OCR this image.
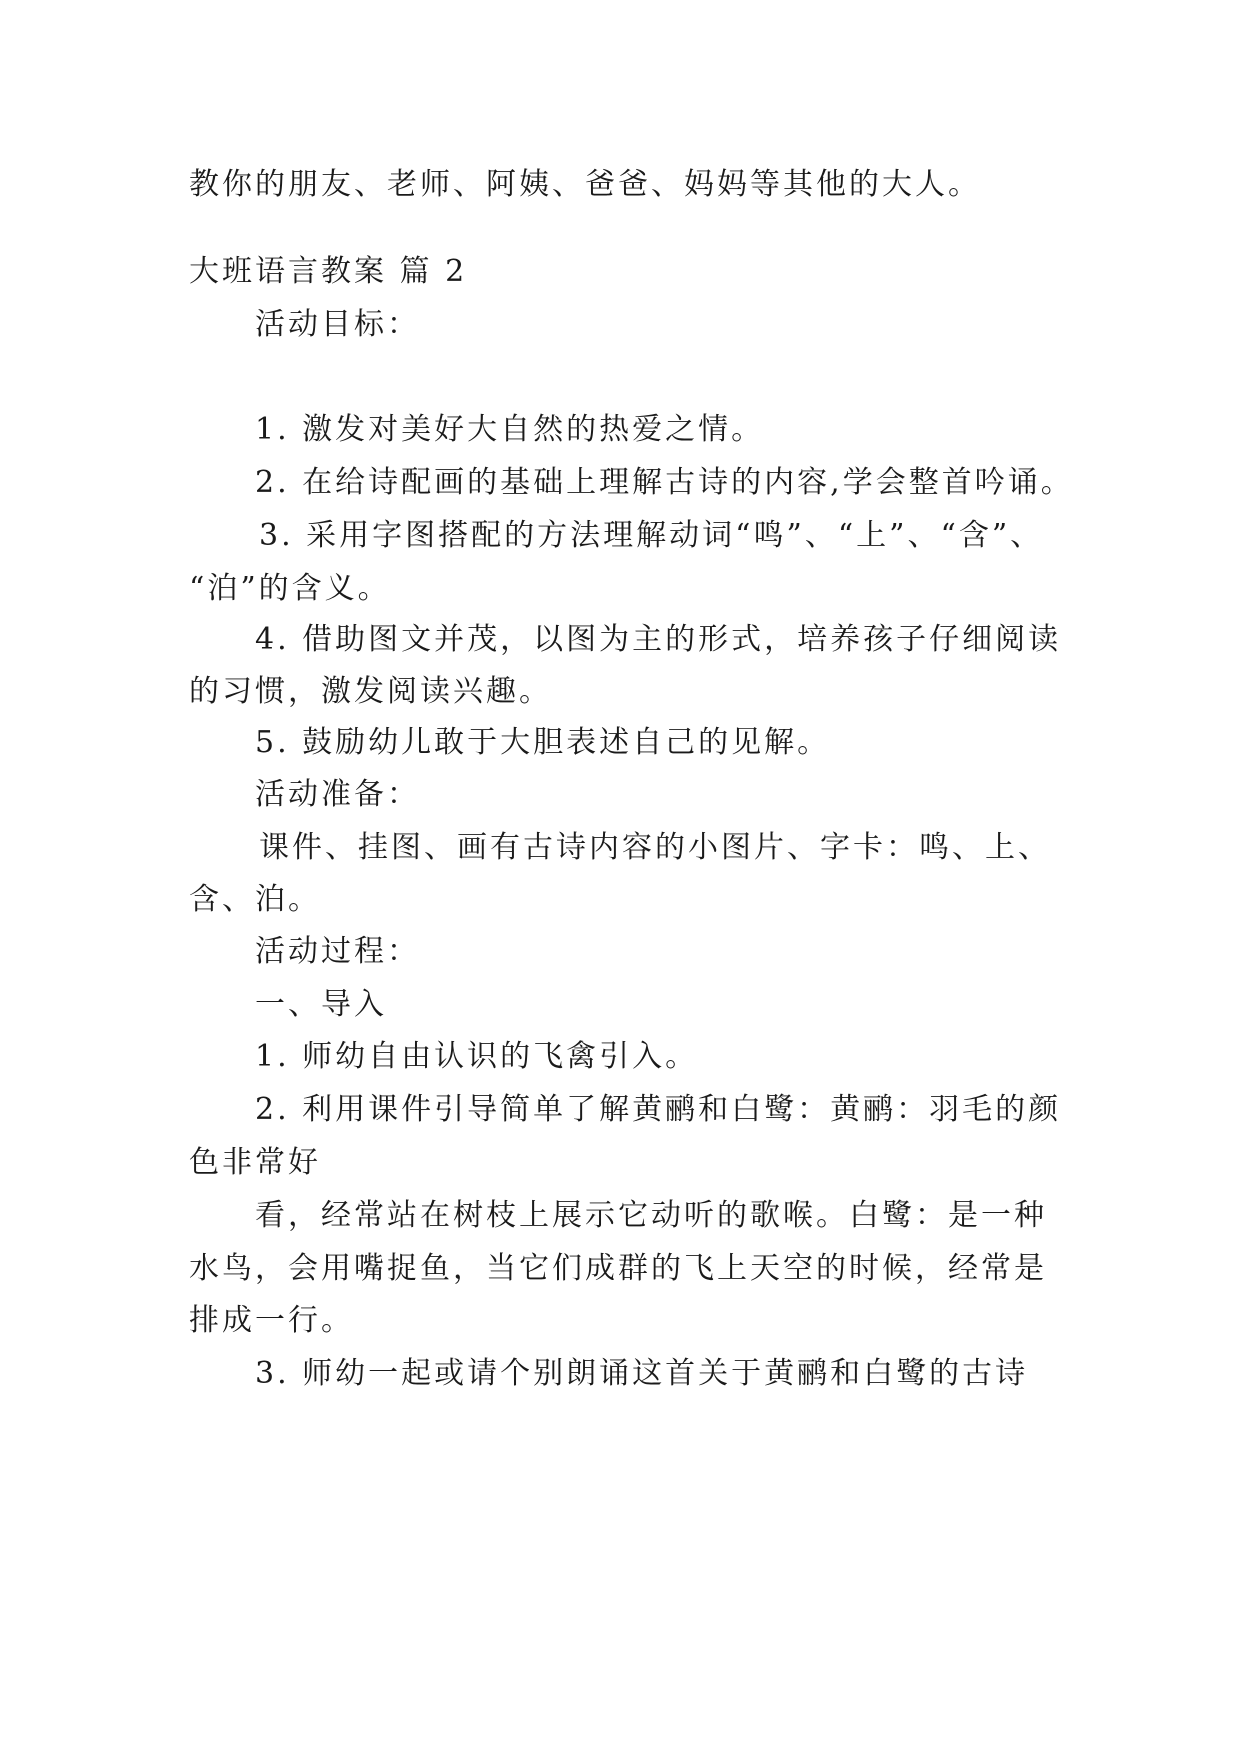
教你的朋友、老师、阿姨、爸爸、妈妈等其他的大人。
大班语言教案 篇 2
活动目标：
1. 激发对美好大自然的热爱之情。
2. 在给诗配画的基础上理解古诗的内容,学会整首吟诵。
3. 采用字图搭配的方法理解动词“鸣”、“上”、“含”、
“泊”的含义。
4. 借助图文并茂，以图为主的形式，培养孩子仔细阅读
的习惯，激发阅读兴趣。
5. 鼓励幼儿敢于大胆表述自己的见解。
活动准备：
课件、挂图、画有古诗内容的小图片、字卡：鸣、上、
含、泊。
活动过程：
一、导入
1. 师幼自由认识的飞禽引入。
2. 利用课件引导简单了解黄鹂和白鹭：黄鹂：羽毛的颜
色非常好
看，经常站在树枝上展示它动听的歌喉。白鹭：是一种
水鸟，会用嘴捉鱼，当它们成群的飞上天空的时候，经常是
排成一行。
3. 师幼一起或请个别朗诵这首关于黄鹂和白鹭的古诗
